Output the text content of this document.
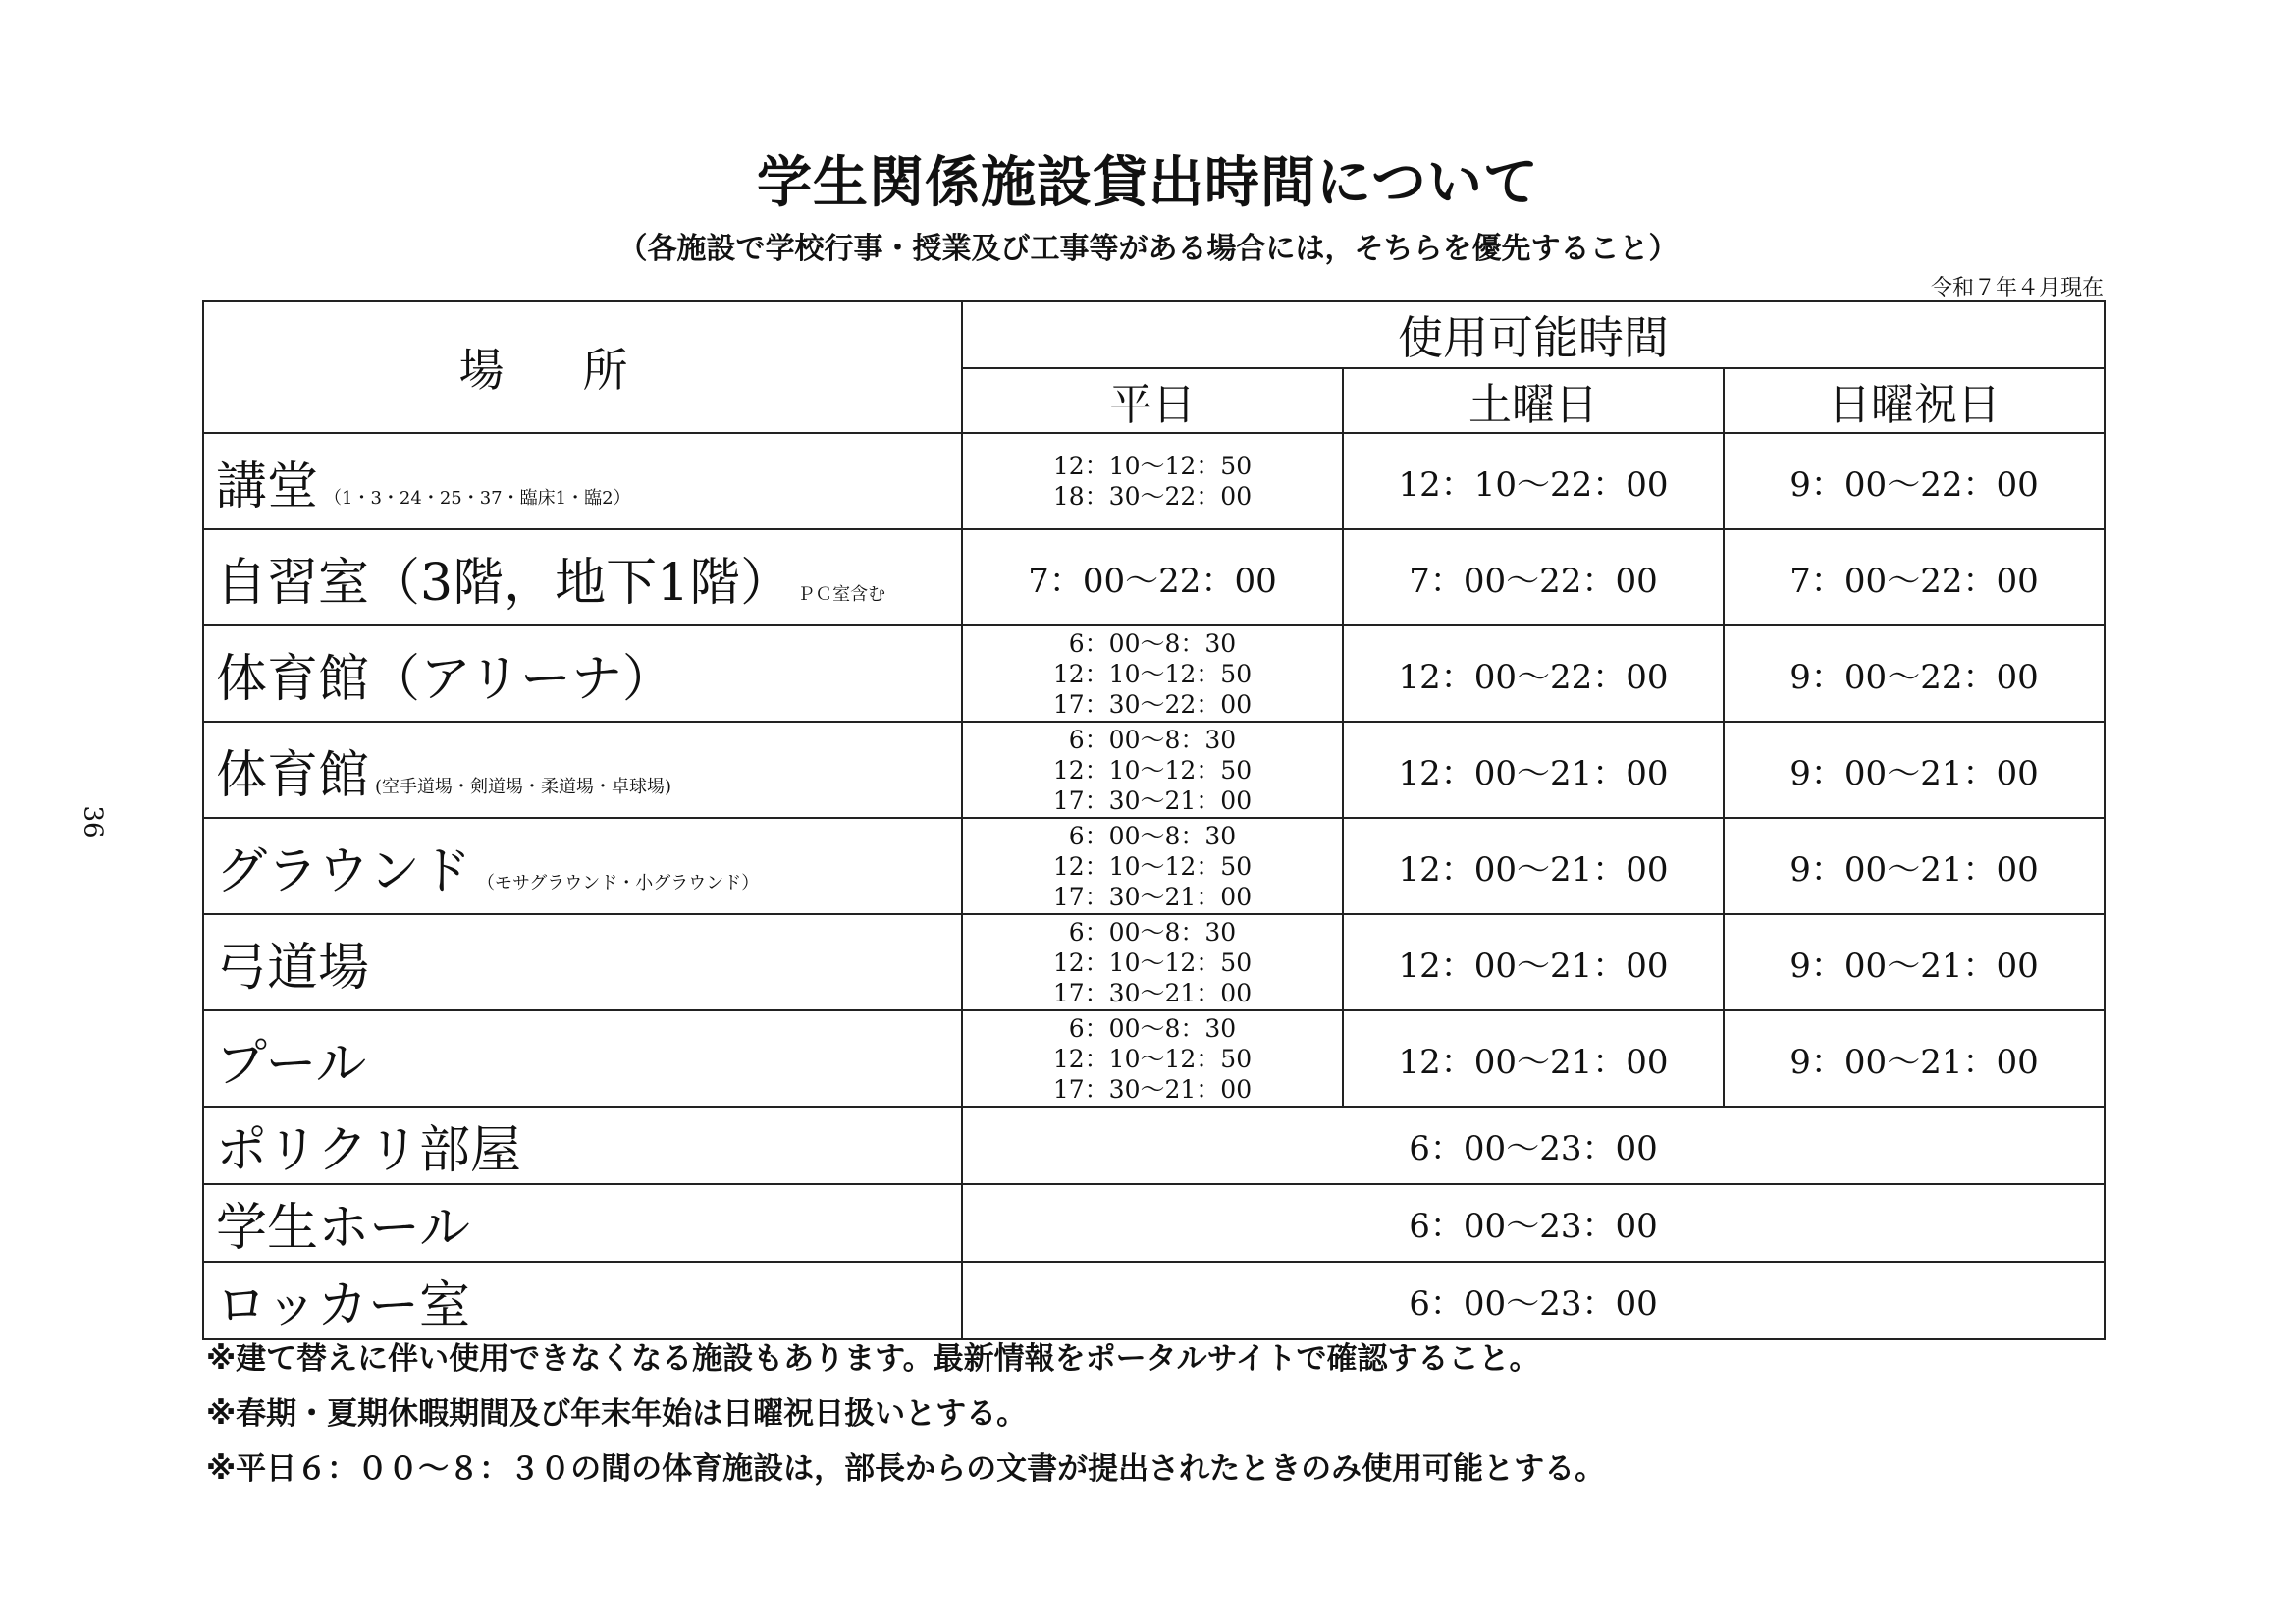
学生関係施設貸出時間について
（各施設で学校行事・授業及び工事等がある場合には，そちらを優先すること）
令和７年４月現在
36
場所	使用可能時間		
	平日	土曜日	日曜祝日
講堂 （1・3・24・25・37・臨床1・臨2）	12：10～12：50
18：30～22：00	12：10～22：00	9：00～22：00
自習室（3階，地下1階） ＰＣ室含む	7：00～22：00	7：00～22：00	7：00～22：00
体育館（アリーナ）	6：00～8：30
12：10～12：50
17：30～22：00	12：00～22：00	9：00～22：00
体育館 (空手道場・剣道場・柔道場・卓球場)	6：00～8：30
12：10～12：50
17：30～21：00	12：00～21：00	9：00～21：00
グラウンド （モサグラウンド・小グラウンド）	6：00～8：30
12：10～12：50
17：30～21：00	12：00～21：00	9：00～21：00
弓道場	6：00～8：30
12：10～12：50
17：30～21：00	12：00～21：00	9：00～21：00
プール	6：00～8：30
12：10～12：50
17：30～21：00	12：00～21：00	9：00～21：00
ポリクリ部屋	6：00～23：00		
学生ホール	6：00～23：00		
ロッカー室	6：00～23：00		
※建て替えに伴い使用できなくなる施設もあります。最新情報をポータルサイトで確認すること。
※春期・夏期休暇期間及び年末年始は日曜祝日扱いとする。
※平日６：００～８：３０の間の体育施設は，部長からの文書が提出されたときのみ使用可能とする。
